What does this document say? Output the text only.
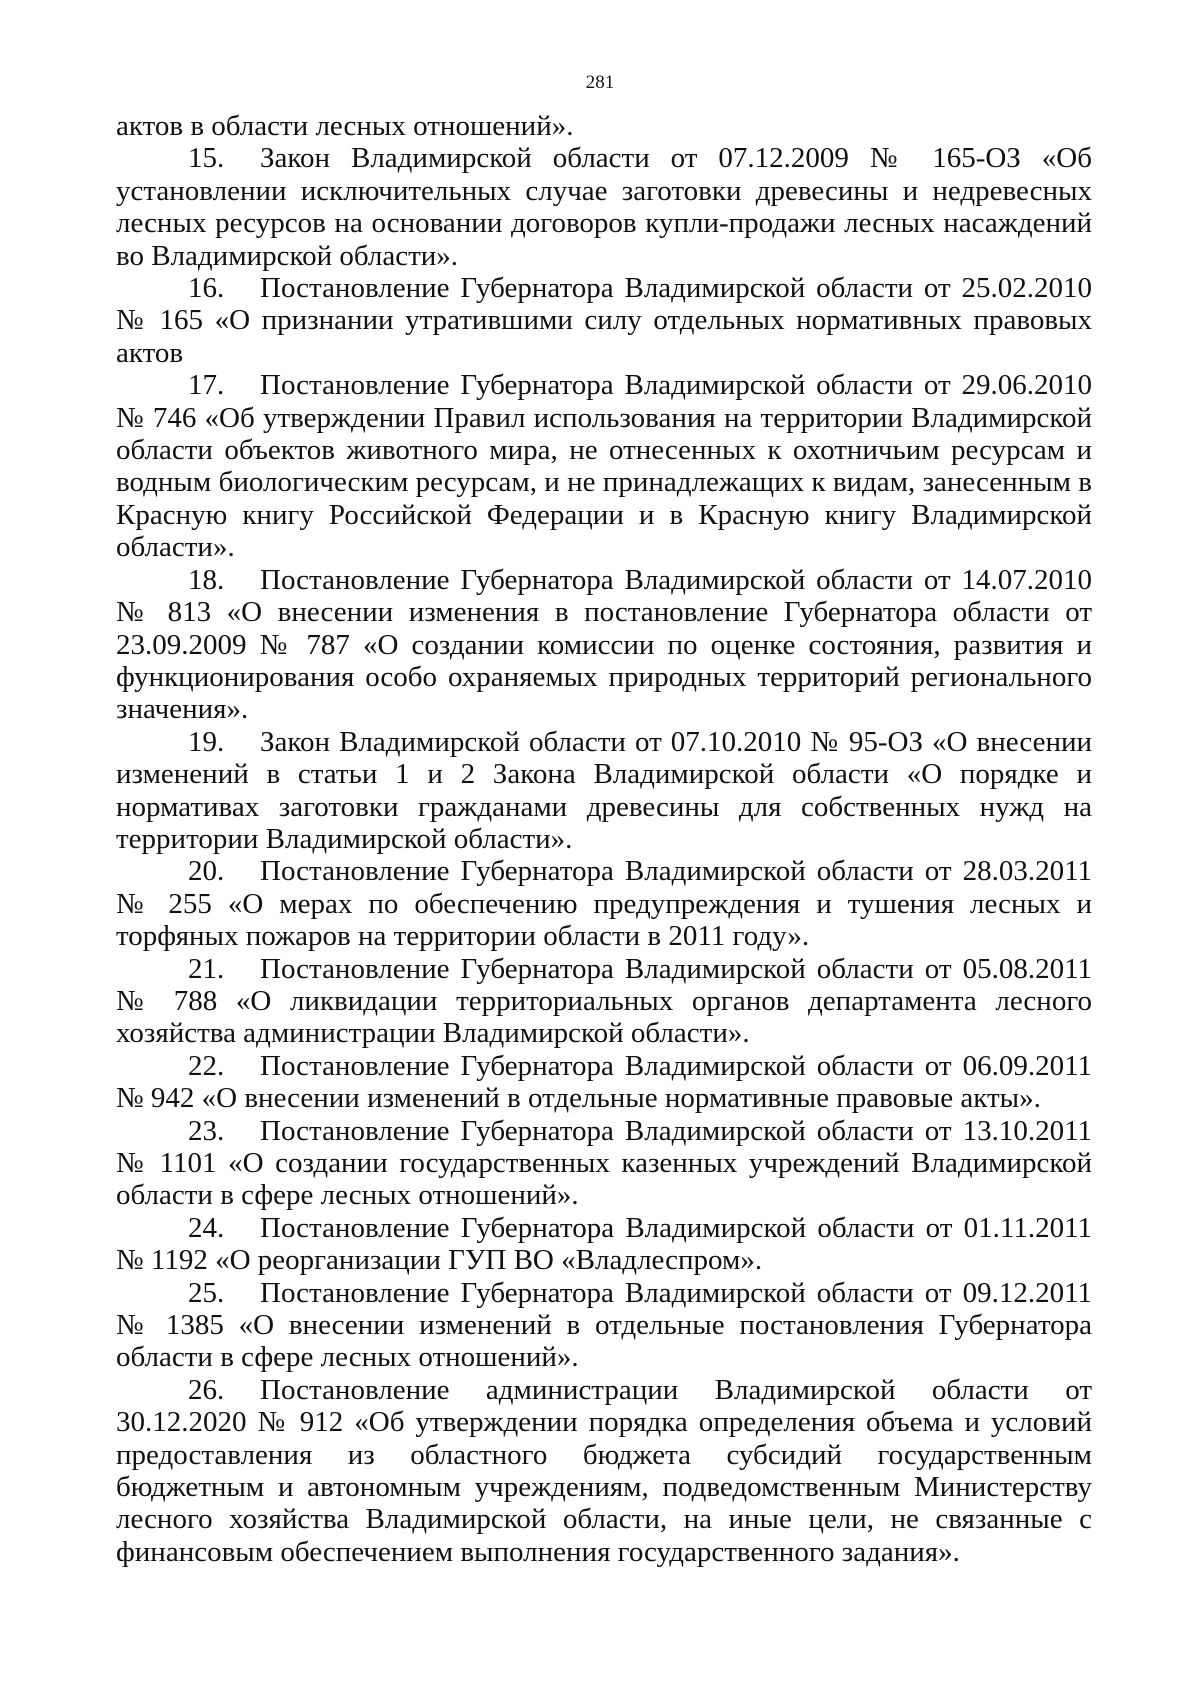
281

актов в области лесных отношений».

15. Закон Владимирской области от 07.12.2009 № 165-ОЗ «Об установлении исключительных случае заготовки древесины и недревесных лесных ресурсов на основании договоров купли-продажи лесных насаждений во Владимирской области».

16. Постановление Губернатора Владимирской области от 25.02.2010 № 165 «О признании утратившими силу отдельных нормативных правовых актов

17. Постановление Губернатора Владимирской области от 29.06.2010 № 746 «Об утверждении Правил использования на территории Владимирской области объектов животного мира, не отнесенных к охотничьим ресурсам и водным биологическим ресурсам, и не принадлежащих к видам, занесенным в Красную книгу Российской Федерации и в Красную книгу Владимирской области».

18. Постановление Губернатора Владимирской области от 14.07.2010 № 813 «О внесении изменения в постановление Губернатора области от 23.09.2009 № 787 «О создании комиссии по оценке состояния, развития и функционирования особо охраняемых природных территорий регионального значения».

19. Закон Владимирской области от 07.10.2010 № 95-ОЗ «О внесении изменений в статьи 1 и 2 Закона Владимирской области «О порядке и нормативах заготовки гражданами древесины для собственных нужд на территории Владимирской области».

20. Постановление Губернатора Владимирской области от 28.03.2011 № 255 «О мерах по обеспечению предупреждения и тушения лесных и торфяных пожаров на территории области в 2011 году».

21. Постановление Губернатора Владимирской области от 05.08.2011 № 788 «О ликвидации территориальных органов департамента лесного хозяйства администрации Владимирской области».

22. Постановление Губернатора Владимирской области от 06.09.2011 № 942 «О внесении изменений в отдельные нормативные правовые акты».

23. Постановление Губернатора Владимирской области от 13.10.2011 № 1101 «О создании государственных казенных учреждений Владимирской области в сфере лесных отношений».

24. Постановление Губернатора Владимирской области от 01.11.2011 № 1192 «О реорганизации ГУП ВО «Владлеспром».

25. Постановление Губернатора Владимирской области от 09.12.2011 № 1385 «О внесении изменений в отдельные постановления Губернатора области в сфере лесных отношений».

26. Постановление администрации Владимирской области от 30.12.2020 № 912 «Об утверждении порядка определения объема и условий предоставления из областного бюджета субсидий государственным бюджетным и автономным учреждениям, подведомственным Министерству лесного хозяйства Владимирской области, на иные цели, не связанные с финансовым обеспечением выполнения государственного задания».
